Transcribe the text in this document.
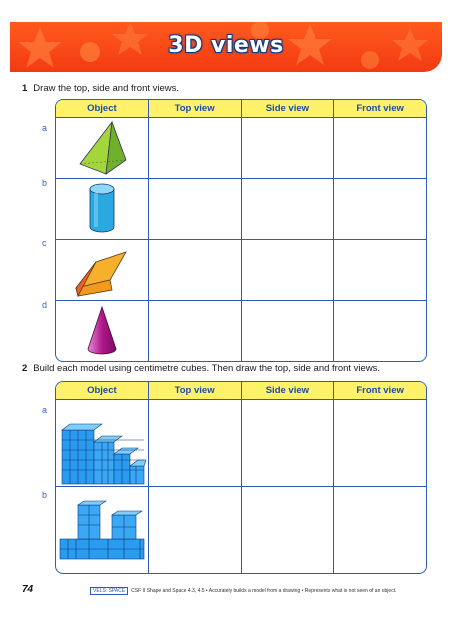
3D views
1 Draw the top, side and front views.
Object	Top view	Side view	Front view
a
b
c
d
2 Build each model using centimetre cubes. Then draw the top, side and front views.
Object	Top view	Side view	Front view
a
b
74	VELS: SPACE CSF II Shape and Space 4.3, 4.5 • Accurately builds a model from a drawing • Represents what is not seen of an object.
